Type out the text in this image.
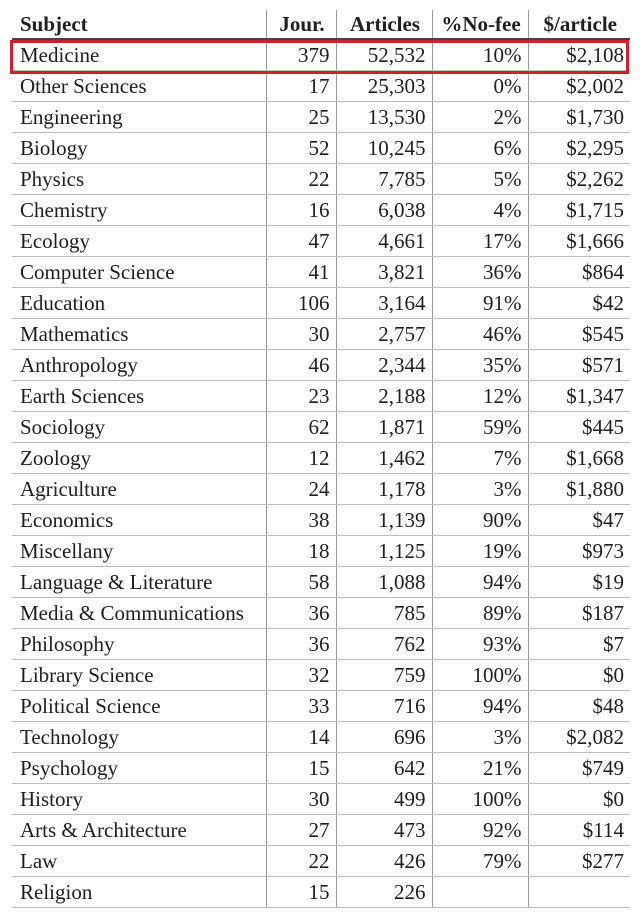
Subject	Jour.	Articles	%No-fee	$/article
Medicine	379	52,532	10%	$2,108
Other Sciences	17	25,303	0%	$2,002
Engineering	25	13,530	2%	$1,730
Biology	52	10,245	6%	$2,295
Physics	22	7,785	5%	$2,262
Chemistry	16	6,038	4%	$1,715
Ecology	47	4,661	17%	$1,666
Computer Science	41	3,821	36%	$864
Education	106	3,164	91%	$42
Mathematics	30	2,757	46%	$545
Anthropology	46	2,344	35%	$571
Earth Sciences	23	2,188	12%	$1,347
Sociology	62	1,871	59%	$445
Zoology	12	1,462	7%	$1,668
Agriculture	24	1,178	3%	$1,880
Economics	38	1,139	90%	$47
Miscellany	18	1,125	19%	$973
Language & Literature	58	1,088	94%	$19
Media & Communications	36	785	89%	$187
Philosophy	36	762	93%	$7
Library Science	32	759	100%	$0
Political Science	33	716	94%	$48
Technology	14	696	3%	$2,082
Psychology	15	642	21%	$749
History	30	499	100%	$0
Arts & Architecture	27	473	92%	$114
Law	22	426	79%	$277
Religion	15	226		
